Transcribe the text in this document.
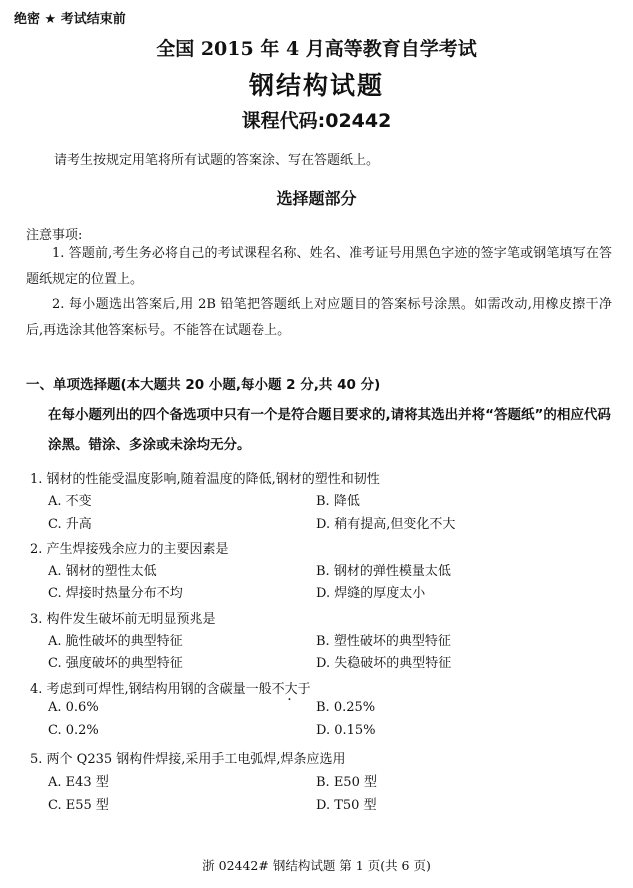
绝密 ★ 考试结束前
全国 2015 年 4 月高等教育自学考试
钢结构试题
课程代码:02442
请考生按规定用笔将所有试题的答案涂、写在答题纸上。
选择题部分
注意事项:
1. 答题前,考生务必将自己的考试课程名称、姓名、准考证号用黑色字迹的签字笔或钢笔填写在答题纸规定的位置上。
2. 每小题选出答案后,用 2B 铅笔把答题纸上对应题目的答案标号涂黑。如需改动,用橡皮擦干净后,再选涂其他答案标号。不能答在试题卷上。
一、单项选择题(本大题共 20 小题,每小题 2 分,共 40 分)
在每小题列出的四个备选项中只有一个是符合题目要求的,请将其选出并将“答题纸”的相应代码涂黑。错涂、多涂或未涂均无分。
1. 钢材的性能受温度影响,随着温度的降低,钢材的塑性和韧性
A. 不变	B. 降低
C. 升高	D. 稍有提高,但变化不大
2. 产生焊接残余应力的主要因素是
A. 钢材的塑性太低	B. 钢材的弹性模量太低
C. 焊接时热量分布不均	D. 焊缝的厚度太小
3. 构件发生破坏前无明显预兆是
A. 脆性破坏的典型特征	B. 塑性破坏的典型特征
C. 强度破坏的典型特征	D. 失稳破坏的典型特征
4. 考虑到可焊性,钢结构用钢的含碳量一般不大于
A. 0.6%	B. 0.25%
C. 0.2%	D. 0.15%
5. 两个 Q235 钢构件焊接,采用手工电弧焊,焊条应选用
A. E43 型	B. E50 型
C. E55 型	D. T50 型
浙 02442# 钢结构试题 第 1 页(共 6 页)
